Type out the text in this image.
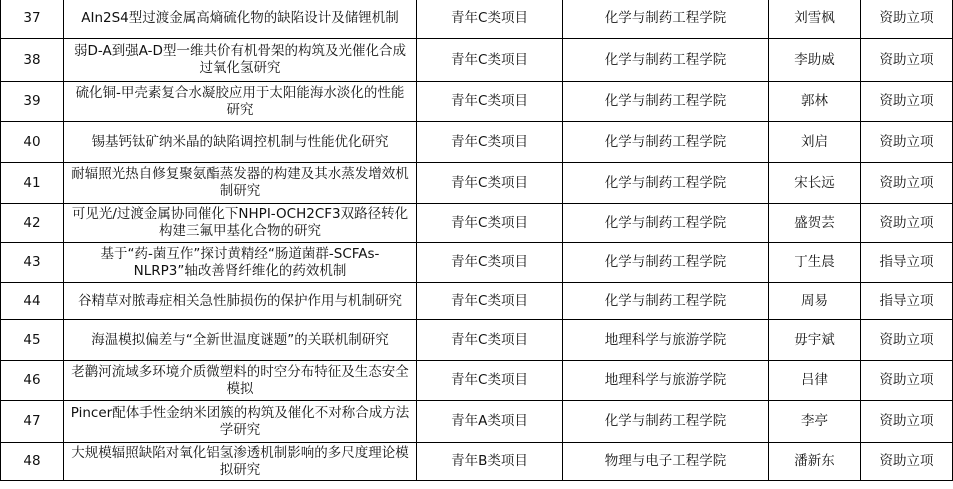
37	AIn2S4型过渡金属高熵硫化物的缺陷设计及储锂机制	青年C类项目	化学与制药工程学院	刘雪枫	资助立项
38	弱D-A到强A-D型一维共价有机骨架的构筑及光催化合成过氧化氢研究	青年C类项目	化学与制药工程学院	李助威	资助立项
39	硫化铜-甲壳素复合水凝胶应用于太阳能海水淡化的性能研究	青年C类项目	化学与制药工程学院	郭林	资助立项
40	锡基钙钛矿纳米晶的缺陷调控机制与性能优化研究	青年C类项目	化学与制药工程学院	刘启	资助立项
41	耐辐照光热自修复聚氨酯蒸发器的构建及其水蒸发增效机制研究	青年C类项目	化学与制药工程学院	宋长远	资助立项
42	可见光/过渡金属协同催化下NHPI-OCH2CF3双路径转化构建三氟甲基化合物的研究	青年C类项目	化学与制药工程学院	盛贺芸	资助立项
43	基于“药-菌互作”探讨黄精经“肠道菌群-SCFAs-NLRP3”轴改善肾纤维化的药效机制	青年C类项目	化学与制药工程学院	丁生晨	指导立项
44	谷精草对脓毒症相关急性肺损伤的保护作用与机制研究	青年C类项目	化学与制药工程学院	周易	指导立项
45	海温模拟偏差与“全新世温度谜题”的关联机制研究	青年C类项目	地理科学与旅游学院	毋宇斌	资助立项
46	老鹳河流域多环境介质微塑料的时空分布特征及生态安全模拟	青年C类项目	地理科学与旅游学院	吕律	资助立项
47	Pincer配体手性金纳米团簇的构筑及催化不对称合成方法学研究	青年A类项目	化学与制药工程学院	李亭	资助立项
48	大规模辐照缺陷对氧化铝氢渗透机制影响的多尺度理论模拟研究	青年B类项目	物理与电子工程学院	潘新东	资助立项
